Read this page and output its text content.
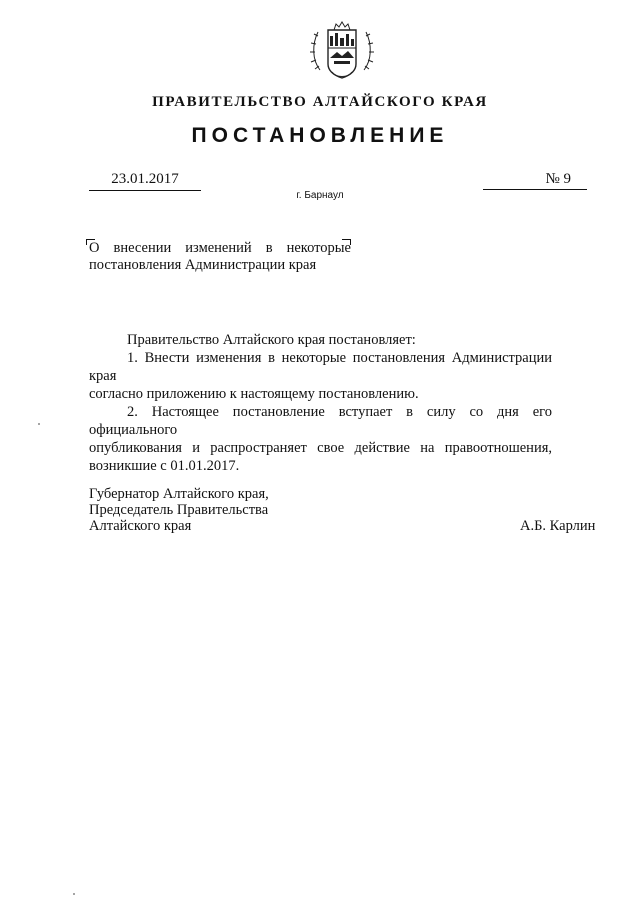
ПРАВИТЕЛЬСТВО АЛТАЙСКОГО КРАЯ
ПОСТАНОВЛЕНИЕ
23.01.2017	№ 9
г. Барнаул
О внесении изменений в некоторые
постановления Администрации края

Правительство Алтайского края постановляет:

1. Внести изменения в некоторые постановления Администрации края

согласно приложению к настоящему постановлению.

2. Настоящее постановление вступает в силу со дня его официального

опубликования и распространяет свое действие на правоотношения,

возникшие с 01.01.2017.

Губернатор Алтайского края,
Председатель Правительства
Алтайского края	А.Б. Карлин
